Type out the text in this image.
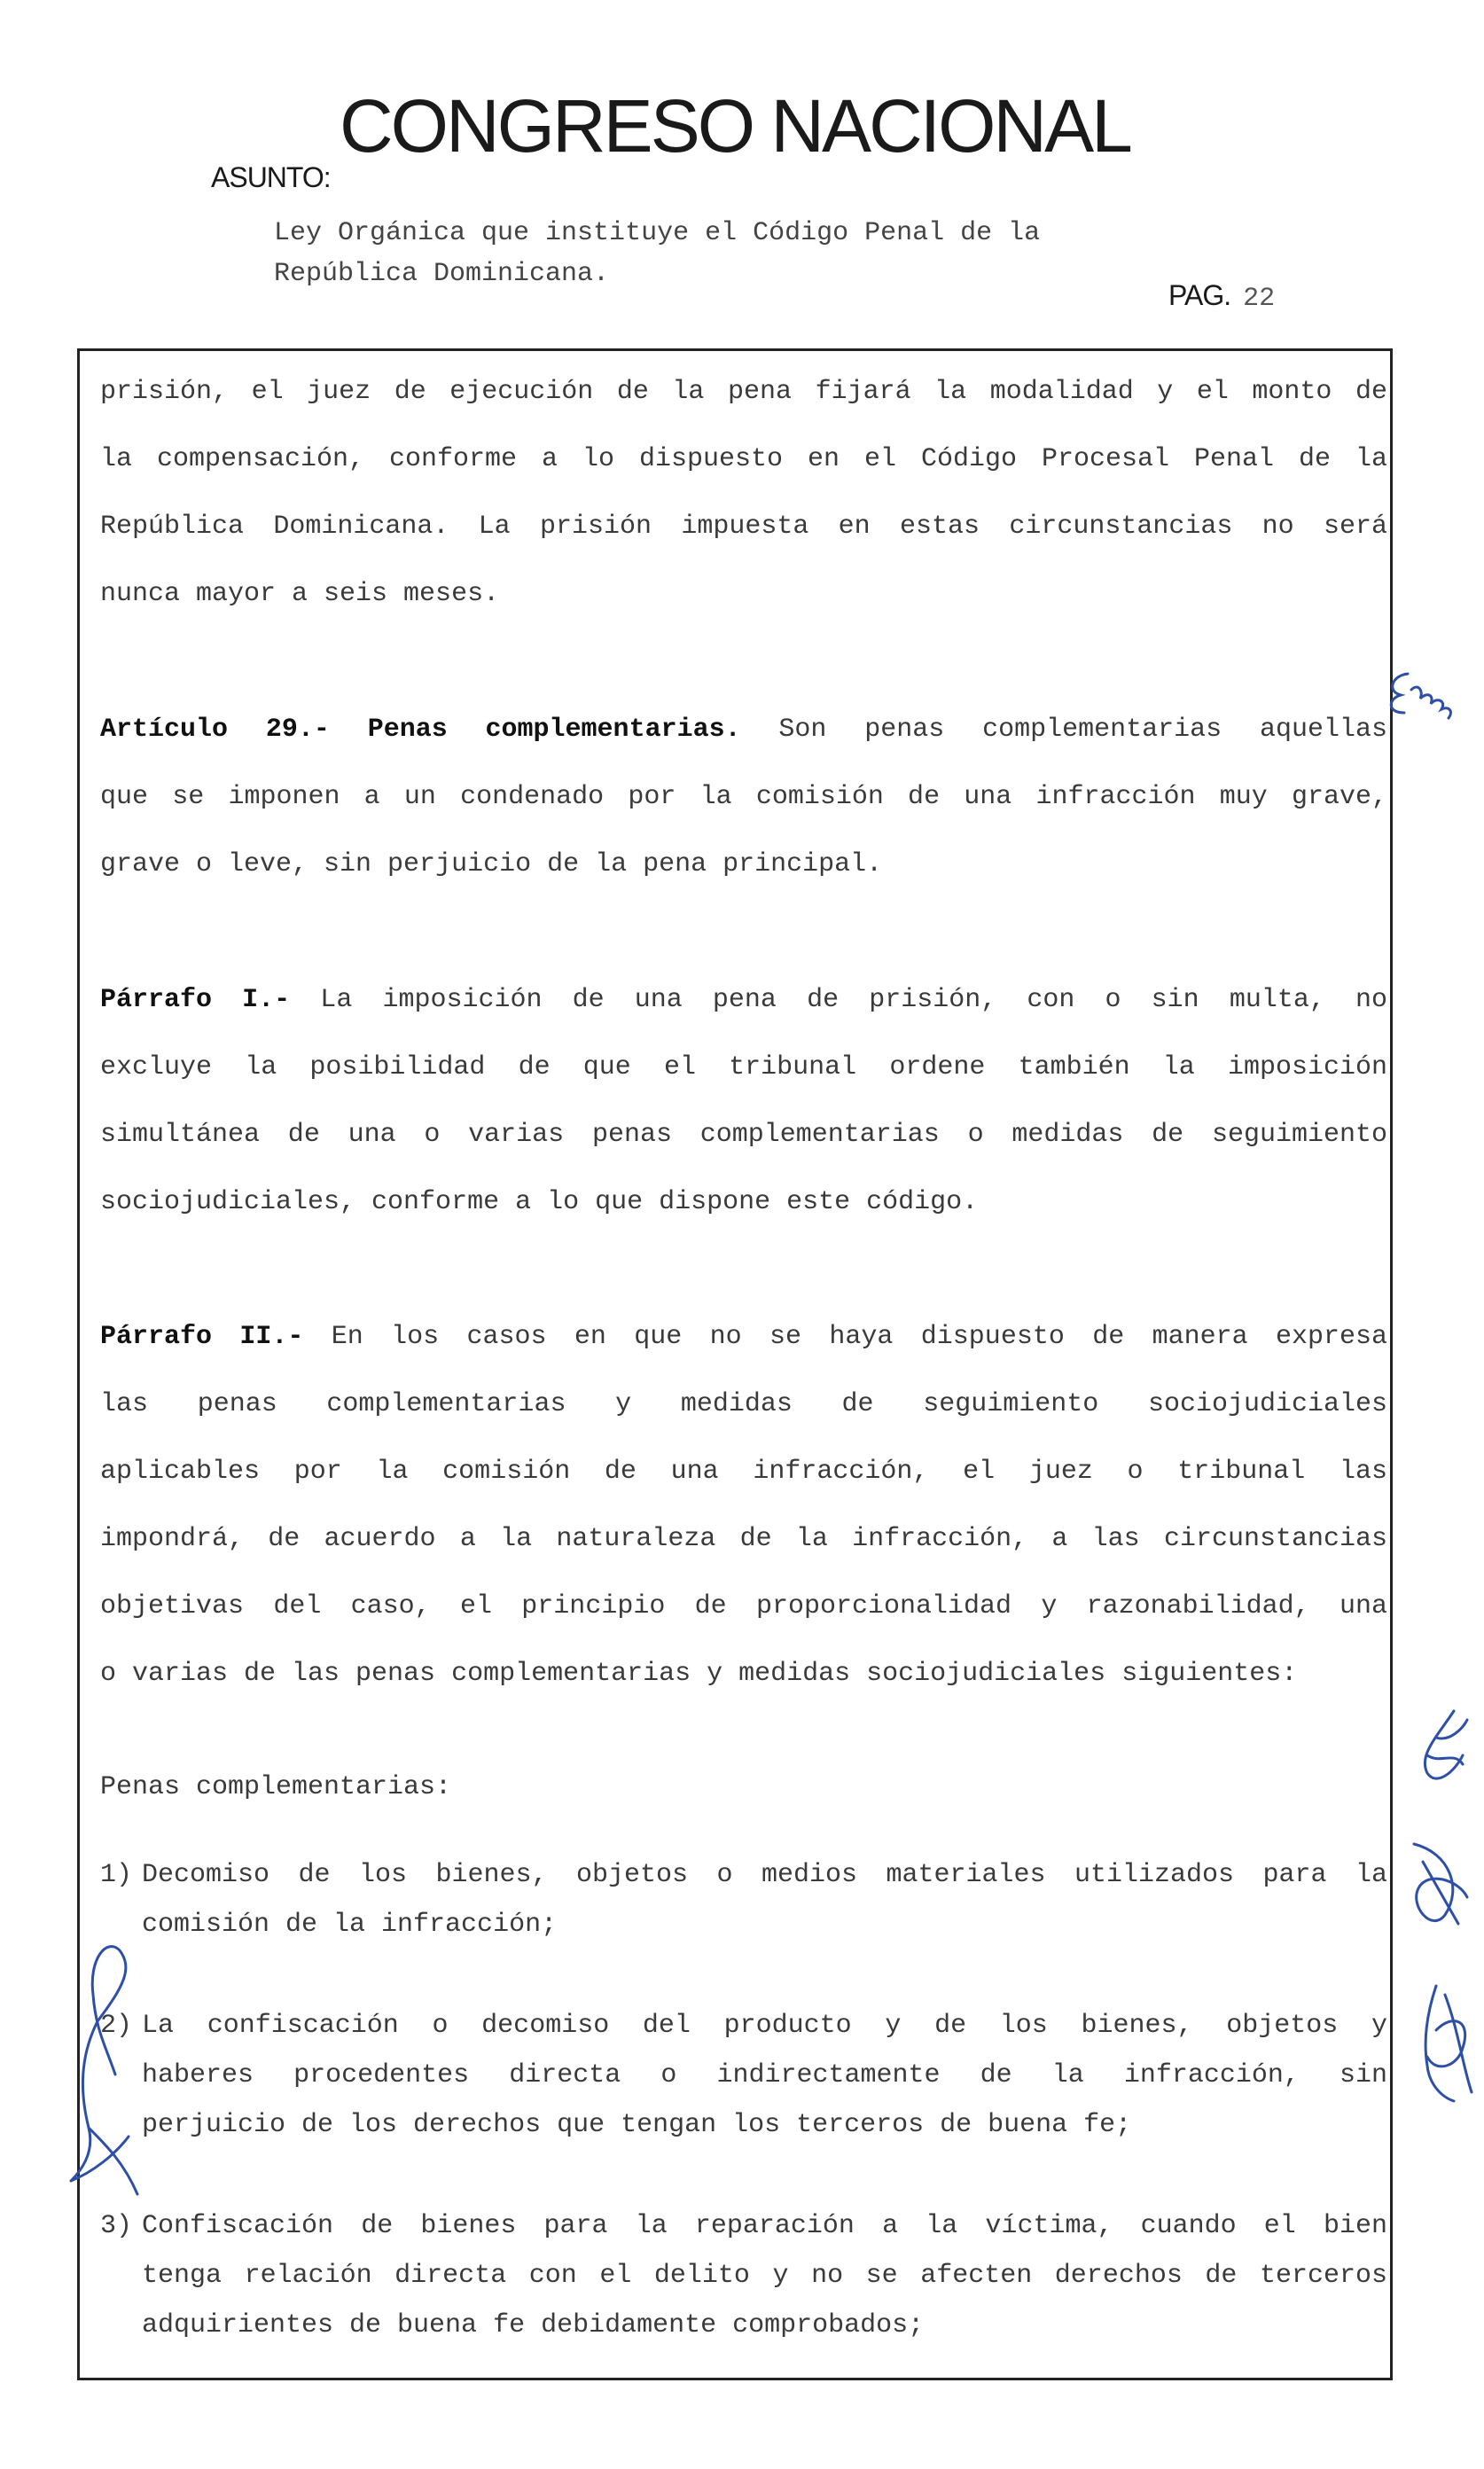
CONGRESO NACIONAL
ASUNTO:
Ley Orgánica que instituye el Código Penal de la
República Dominicana.
PAG. 22
prisión, el juez de ejecución de la pena fijará la modalidad y el monto de
la compensación, conforme a lo dispuesto en el Código Procesal Penal de la
República Dominicana. La prisión impuesta en estas circunstancias no será
nunca mayor a seis meses.
Artículo 29.- Penas complementarias. Son penas complementarias aquellas
que se imponen a un condenado por la comisión de una infracción muy grave,
grave o leve, sin perjuicio de la pena principal.
Párrafo I.- La imposición de una pena de prisión, con o sin multa, no
excluye la posibilidad de que el tribunal ordene también la imposición
simultánea de una o varias penas complementarias o medidas de seguimiento
sociojudiciales, conforme a lo que dispone este código.
Párrafo II.- En los casos en que no se haya dispuesto de manera expresa
las penas complementarias y medidas de seguimiento sociojudiciales
aplicables por la comisión de una infracción, el juez o tribunal las
impondrá, de acuerdo a la naturaleza de la infracción, a las circunstancias
objetivas del caso, el principio de proporcionalidad y razonabilidad, una
o varias de las penas complementarias y medidas sociojudiciales siguientes:
Penas complementarias:
1) Decomiso de los bienes, objetos o medios materiales utilizados para la
comisión de la infracción;
2) La confiscación o decomiso del producto y de los bienes, objetos y
haberes procedentes directa o indirectamente de la infracción, sin
perjuicio de los derechos que tengan los terceros de buena fe;
3) Confiscación de bienes para la reparación a la víctima, cuando el bien
tenga relación directa con el delito y no se afecten derechos de terceros
adquirientes de buena fe debidamente comprobados;
